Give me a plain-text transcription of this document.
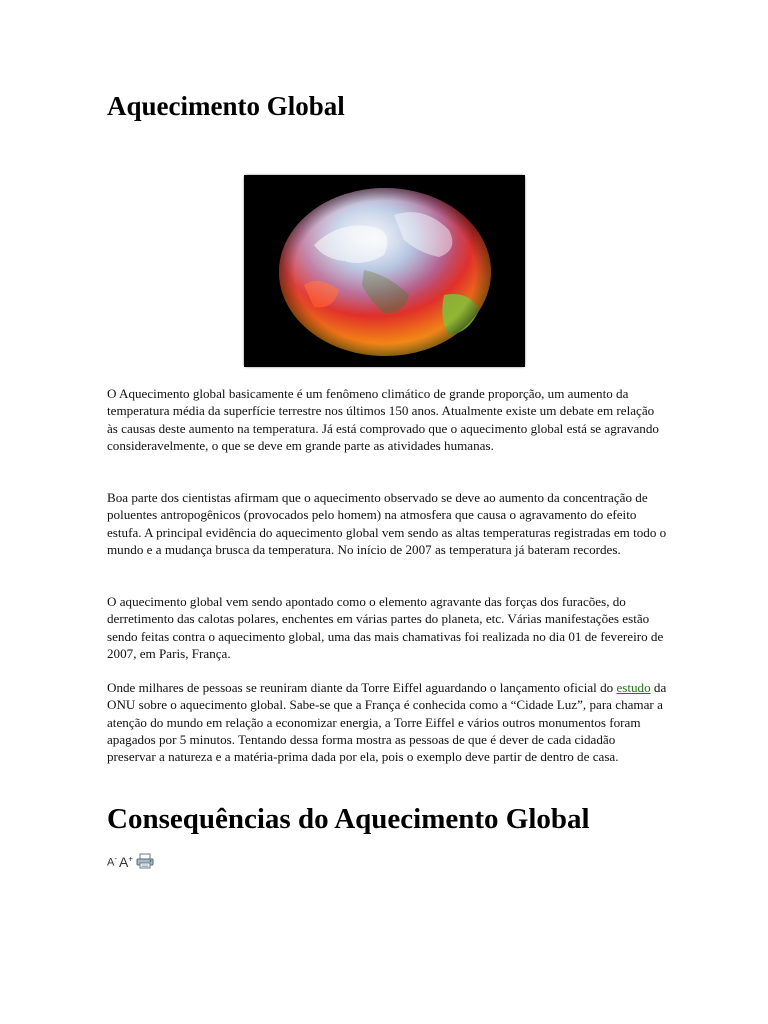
Aquecimento Global

O Aquecimento global basicamente é um fenômeno climático de grande proporção, um aumento da temperatura média da superfície terrestre nos últimos 150 anos. Atualmente existe um debate em relação às causas deste aumento na temperatura. Já está comprovado que o aquecimento global está se agravando consideravelmente, o que se deve em grande parte as atividades humanas.

Boa parte dos cientistas afirmam que o aquecimento observado se deve ao aumento da concentração de poluentes antropogênicos (provocados pelo homem) na atmosfera que causa o agravamento do efeito estufa. A principal evidência do aquecimento global vem sendo as altas temperaturas registradas em todo o mundo e a mudança brusca da temperatura. No início de 2007 as temperatura já bateram recordes.

O aquecimento global vem sendo apontado como o elemento agravante das forças dos furacões, do derretimento das calotas polares, enchentes em várias partes do planeta, etc. Várias manifestações estão sendo feitas contra o aquecimento global, uma das mais chamativas foi realizada no dia 01 de fevereiro de 2007, em Paris, França.

Onde milhares de pessoas se reuniram diante da Torre Eiffel aguardando o lançamento oficial do estudo da ONU sobre o aquecimento global. Sabe-se que a França é conhecida como a “Cidade Luz”, para chamar a atenção do mundo em relação a economizar energia, a Torre Eiffel e vários outros monumentos foram apagados por 5 minutos. Tentando dessa forma mostra as pessoas de que é dever de cada cidadão preservar a natureza e a matéria-prima dada por ela, pois o exemplo deve partir de dentro de casa.

Consequências do Aquecimento Global
A- A+
